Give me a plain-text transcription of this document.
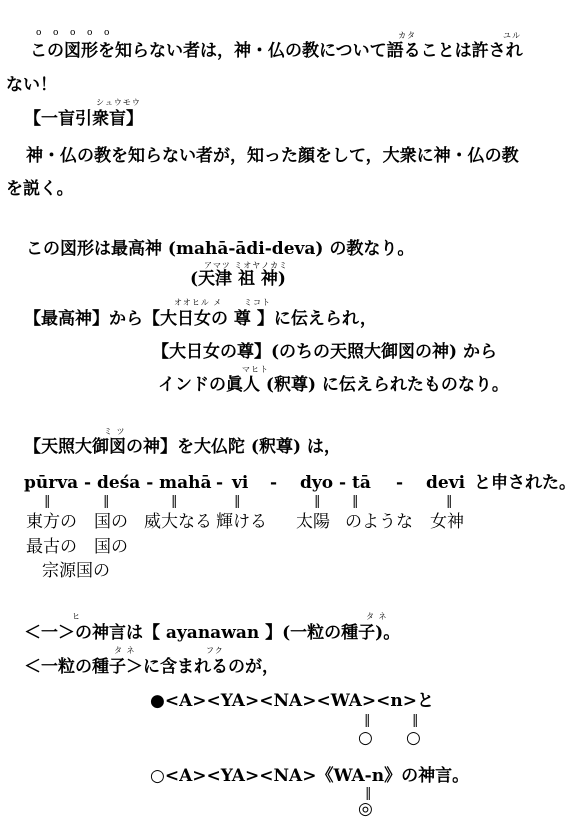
o o o o o	カタ	ユル
この図形を知らない者は，神・仏の教について語ることは許され
ない！
シュウモウ
【一盲引衆盲】
神・仏の教を知らない者が，知った顔をして，大衆に神・仏の教
を説く。
この図形は最高神 (mahā-ādi-deva) の教なり。
アマツ ミオヤノカミ
(天津 祖 神)
オオヒル メ	ミコト
【最高神】から【大日女の 尊 】に伝えられ，
【大日女の尊】(のちの天照大御図の神) から
マヒト
インドの眞人 (釈尊) に伝えられたものなり。
ミ ツ
【天照大御図の神】を大仏陀 (釈尊) は，
pūrva - deśa - mahā - vi - dyo - tā - devi と申された。
‖	‖	‖	‖	‖ ‖	‖
東方の 国の 威大なる 輝ける 太陽 のような 女神
最古の　国の
宗源国の
ヒ	タ ネ
＜一＞の神言は【 ayanawan 】(一粒の種子)。
タ ネ	フク
＜一粒の種子＞に含まれるのが，
●<A><YA><NA><WA><n>と
‖	‖
○ ○
○<A><YA><NA>《WA-n》の神言。
‖
◎
